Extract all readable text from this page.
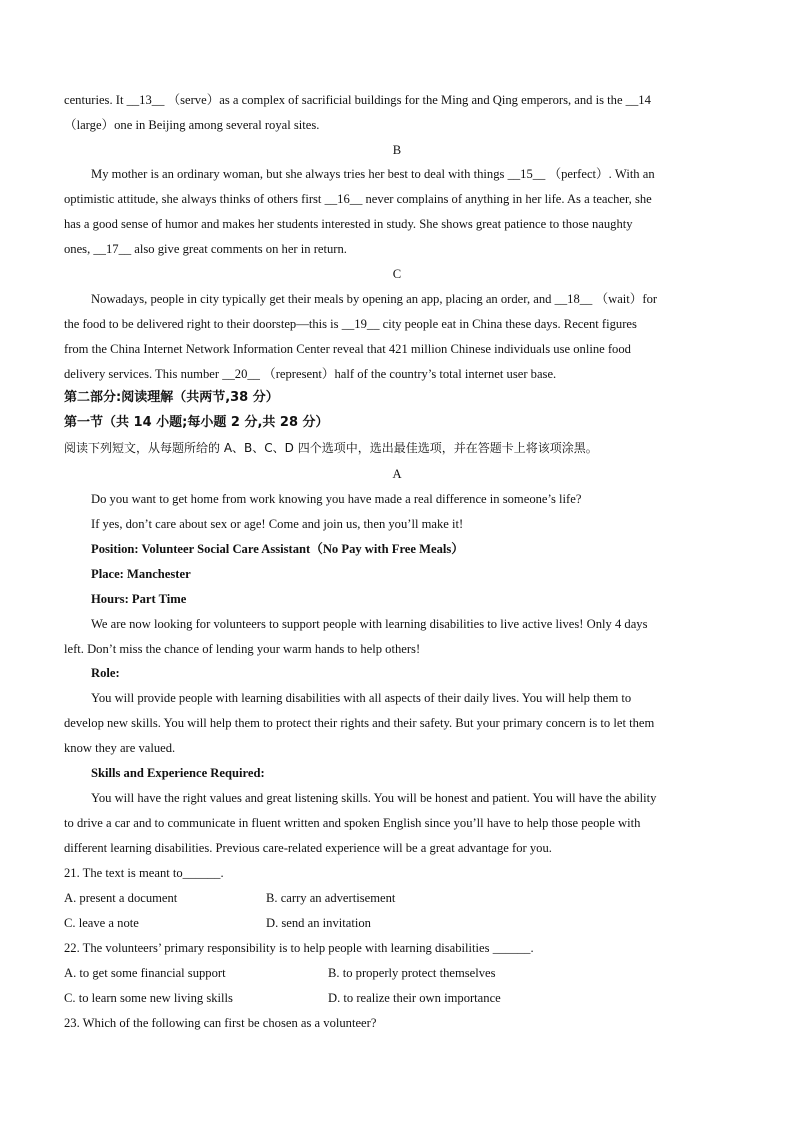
centuries. It __13__ （serve）as a complex of sacrificial buildings for the Ming and Qing emperors, and is the __14
（large）one in Beijing among several royal sites.
B
My mother is an ordinary woman, but she always tries her best to deal with things __15__ （perfect）. With an
optimistic attitude, she always thinks of others first __16__ never complains of anything in her life. As a teacher, she
has a good sense of humor and makes her students interested in study. She shows great patience to those naughty
ones, __17__ also give great comments on her in return.
C
Nowadays, people in city typically get their meals by opening an app, placing an order, and __18__ （wait）for
the food to be delivered right to their doorstep—this is __19__ city people eat in China these days. Recent figures
from the China Internet Network Information Center reveal that 421 million Chinese individuals use online food
delivery services. This number __20__ （represent）half of the country’s total internet user base.
第二部分:阅读理解（共两节,38 分）
第一节（共 14 小题;每小题 2 分,共 28 分）
阅读下列短文，从每题所给的 A、B、C、D 四个选项中，选出最佳选项，并在答题卡上将该项涂黑。
A
Do you want to get home from work knowing you have made a real difference in someone’s life?
If yes, don’t care about sex or age! Come and join us, then you’ll make it!
Position: Volunteer Social Care Assistant（No Pay with Free Meals）
Place: Manchester
Hours: Part Time
We are now looking for volunteers to support people with learning disabilities to live active lives! Only 4 days
left. Don’t miss the chance of lending your warm hands to help others!
Role:
You will provide people with learning disabilities with all aspects of their daily lives. You will help them to
develop new skills. You will help them to protect their rights and their safety. But your primary concern is to let them
know they are valued.
Skills and Experience Required:
You will have the right values and great listening skills. You will be honest and patient. You will have the ability
to drive a car and to communicate in fluent written and spoken English since you’ll have to help those people with
different learning disabilities. Previous care-related experience will be a great advantage for you.
21. The text is meant to______.
A. present a document	B. carry an advertisement
C. leave a note	D. send an invitation
22. The volunteers’ primary responsibility is to help people with learning disabilities ______.
A. to get some financial support	B. to properly protect themselves
C. to learn some new living skills	D. to realize their own importance
23. Which of the following can first be chosen as a volunteer?
